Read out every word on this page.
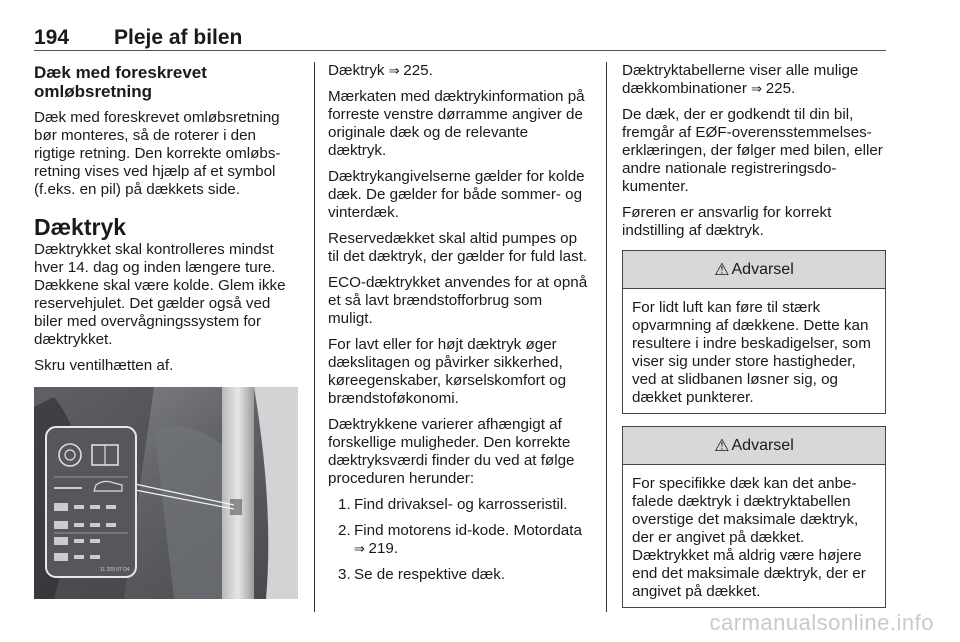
194 Pleje af bilen
Dæk med foreskrevet omløbsretning

Dæk med foreskrevet omløbsretning bør monteres, så de roterer i den rigtige retning. Den korrekte omløbsretning vises ved hjælp af et symbol (f.eks. en pil) på dækkets side.

Dæktryk

Dæktrykket skal kontrolleres mindst hver 14. dag og inden længere ture. Dækkene skal være kolde. Glem ikke reservehjulet. Det gælder også ved biler med overvågningssystem for dæktrykket.

Skru ventilhætten af.

11 209 87 D4

Dæktryk ⇒ 225.

Mærkaten med dæktrykinformation på forreste venstre dørramme angiver de originale dæk og de relevante dæktryk.

Dæktrykangivelserne gælder for kolde dæk. De gælder for både sommer- og vinterdæk.

Reservedækket skal altid pumpes op til det dæktryk, der gælder for fuld last.

ECO-dæktrykket anvendes for at opnå et så lavt brændstofforbrug som muligt.

For lavt eller for højt dæktryk øger dækslitagen og påvirker sikkerhed, køreegenskaber, kørselskomfort og brændstoføkonomi.

Dæktrykkene varierer afhængigt af forskellige muligheder. Den korrekte dæktryksværdi finder du ved at følge proceduren herunder:

1. Find drivaksel- og karrosseristil.
2. Find motorens id-kode. Motordata ⇒ 219.
3. Se de respektive dæk.

Dæktryktabellerne viser alle mulige dækkombinationer ⇒ 225.

De dæk, der er godkendt til din bil, fremgår af EØF-overensstemmelseserklæringen, der følger med bilen, eller andre nationale registreringsdokumenter.

Føreren er ansvarlig for korrekt indstilling af dæktryk.

⚠ Advarsel
For lidt luft kan føre til stærk opvarmning af dækkene. Dette kan resultere i indre beskadigelser, som viser sig under store hastigheder, ved at slidbanen løsner sig, og dækket punkterer.
⚠ Advarsel
For specifikke dæk kan det anbefalede dæktryk i dæktryktabellen overstige det maksimale dæktryk, der er angivet på dækket. Dæktrykket må aldrig være højere end det maksimale dæktryk, der er angivet på dækket.
carmanualsonline.info
